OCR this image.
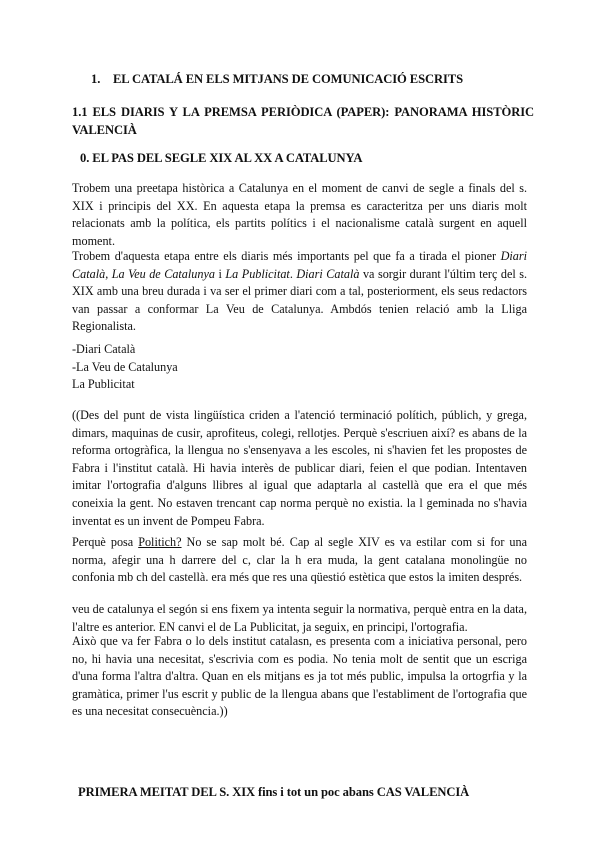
1. EL CATALÁ EN ELS MITJANS DE COMUNICACIÓ ESCRITS
1.1 ELS DIARIS Y LA PREMSA PERIÒDICA (PAPER): PANORAMA HISTÒRIC VALENCIÀ
0. EL PAS DEL SEGLE XIX AL XX A CATALUNYA

Trobem una preetapa històrica a Catalunya en el moment de canvi de segle a finals del s. XIX i principis del XX. En aquesta etapa la premsa es caracteritza per uns diaris molt relacionats amb la política, els partits polítics i el nacionalisme català surgent en aquell moment.

Trobem d'aquesta etapa entre els diaris més importants pel que fa a tirada el pioner Diari Català, La Veu de Catalunya i La Publicitat. Diari Català va sorgir durant l'últim terç del s. XIX amb una breu durada i va ser el primer diari com a tal, posteriorment, els seus redactors van passar a conformar La Veu de Catalunya. Ambdós tenien relació amb la Lliga Regionalista.

-Diari Català
-La Veu de Catalunya
La Publicitat

((Des del punt de vista lingüística criden a l'atenció terminació polítich, públich, y grega, dimars, maquinas de cusir, aprofiteus, colegi, rellotjes. Perquè s'escriuen així? es abans de la reforma ortogràfica, la llengua no s'ensenyava a les escoles, ni s'havien fet les propostes de Fabra i l'institut català. Hi havia interès de publicar diari, feien el que podian. Intentaven imitar l'ortografia d'alguns llibres al igual que adaptarla al castellà que era el que més coneixia la gent. No estaven trencant cap norma perquè no existia. la l geminada no s'havia inventat es un invent de Pompeu Fabra.

Perquè posa Politich? No se sap molt bé. Cap al segle XIV es va estilar com si for una norma, afegir una h darrere del c, clar la h era muda, la gent catalana monolingüe no confonia mb ch del castellà. era més que res una qüestió estètica que estos la imiten després.

veu de catalunya el segón si ens fixem ya intenta seguir la normativa, perquè entra en la data, l'altre es anterior. EN canvi el de La Publicitat, ja seguix, en principi, l'ortografia.

Això que va fer Fabra o lo dels institut catalasn, es presenta com a iniciativa personal, pero no, hi havia una necesitat, s'escrivia com es podia. No tenia molt de sentit que un escriga d'una forma l'altra d'altra. Quan en els mitjans es ja tot més public, impulsa la ortogrfia y la gramàtica, primer l'us escrit y public de la llengua abans que l'establiment de l'ortografia que es una necesitat consecuència.))

PRIMERA MEITAT DEL S. XIX fins i tot un poc abans CAS VALENCIÀ
